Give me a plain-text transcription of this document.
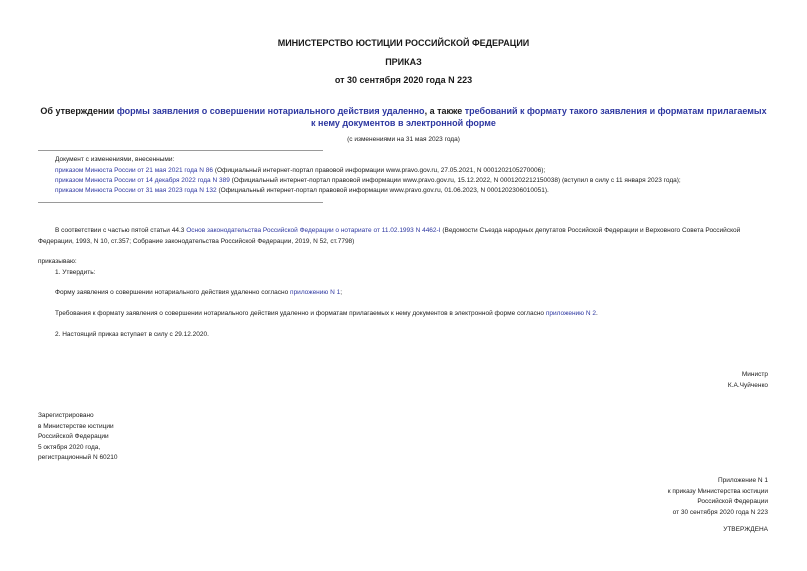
МИНИСТЕРСТВО ЮСТИЦИИ РОССИЙСКОЙ ФЕДЕРАЦИИ
ПРИКАЗ
от 30 сентября 2020 года N 223
Об утверждении формы заявления о совершении нотариального действия удаленно, а также требований к формату такого заявления и форматам прилагаемых к нему документов в электронной форме
(с изменениями на 31 мая 2023 года)
Документ с изменениями, внесенными:
приказом Минюста России от 21 мая 2021 года N 86 (Официальный интернет-портал правовой информации www.pravo.gov.ru, 27.05.2021, N 0001202105270006);
приказом Минюста России от 14 декабря 2022 года N 389 (Официальный интернет-портал правовой информации www.pravo.gov.ru, 15.12.2022, N 0001202212150038) (вступил в силу с 11 января 2023 года);
приказом Минюста России от 31 мая 2023 года N 132 (Официальный интернет-портал правовой информации www.pravo.gov.ru, 01.06.2023, N 0001202306010051).
В соответствии с частью пятой статьи 44.3 Основ законодательства Российской Федерации о нотариате от 11.02.1993 N 4462-I (Ведомости Съезда народных депутатов Российской Федерации и Верховного Совета Российской Федерации, 1993, N 10, ст.357; Собрание законодательства Российской Федерации, 2019, N 52, ст.7798)
приказываю:
1. Утвердить:
Форму заявления о совершении нотариального действия удаленно согласно приложению N 1;
Требования к формату заявления о совершении нотариального действия удаленно и форматам прилагаемых к нему документов в электронной форме согласно приложению N 2.
2. Настоящий приказ вступает в силу с 29.12.2020.
Министр
К.А.Чуйченко
Зарегистрировано
в Министерстве юстиции
Российской Федерации
5 октября 2020 года,
регистрационный N 60210
Приложение N 1
к приказу Министерства юстиции
Российской Федерации
от 30 сентября 2020 года N 223
УТВЕРЖДЕНА
